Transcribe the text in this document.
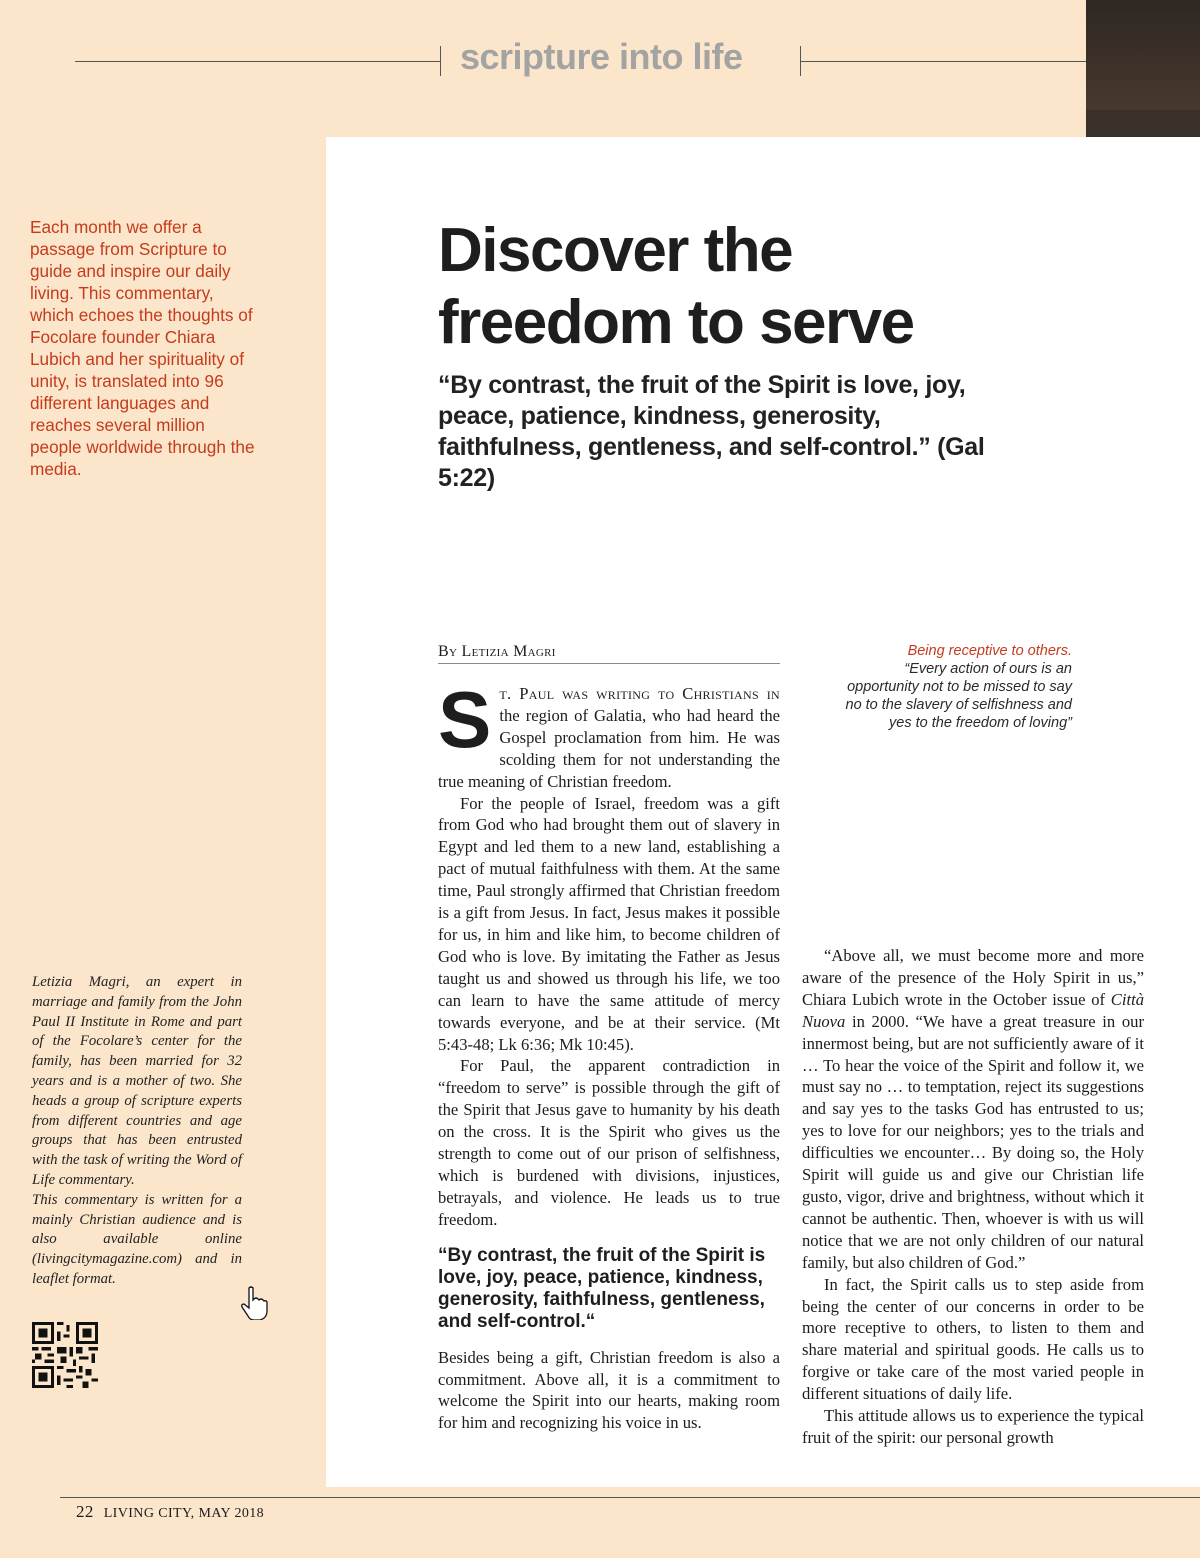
scripture into life
Each month we offer a passage from Scripture to guide and inspire our daily living. This commentary, which echoes the thoughts of Focolare founder Chiara Lubich and her spirituality of unity, is translated into 96 different languages and reaches several million people worldwide through the media.
Discover the
freedom to serve
“By contrast, the fruit of the Spirit is love, joy, peace, patience, kindness, generosity, faithfulness, gentleness, and self-control.” (Gal 5:22)
By Letizia Magri	Being receptive to others.
“Every action of ours is an opportunity not to be missed to say no to the slavery of selfishness and yes to the freedom of loving”

St. Paul was writing to Christians in the region of Galatia, who had heard the Gospel proclamation from him. He was scolding them for not understanding the true meaning of Christian freedom.

For the people of Israel, freedom was a gift from God who had brought them out of slavery in Egypt and led them to a new land, establishing a pact of mutual faithfulness with them. At the same time, Paul strongly affirmed that Christian freedom is a gift from Jesus. In fact, Jesus makes it possible for us, in him and like him, to become children of God who is love. By imitating the Father as Jesus taught us and showed us through his life, we too can learn to have the same attitude of mercy towards everyone, and be at their service. (Mt 5:43-48; Lk 6:36; Mk 10:45).

For Paul, the apparent contradiction in “freedom to serve” is possible through the gift of the Spirit that Jesus gave to humanity by his death on the cross. It is the Spirit who gives us the strength to come out of our prison of selfishness, which is burdened with divisions, injustices, betrayals, and violence. He leads us to true freedom.

“By contrast, the fruit of the Spirit is love, joy, peace, patience, kindness, generosity, faithfulness, gentleness, and self-control.“

Besides being a gift, Christian freedom is also a commitment. Above all, it is a commitment to welcome the Spirit into our hearts, making room for him and recognizing his voice in us.

“Above all, we must become more and more aware of the presence of the Holy Spirit in us,” Chiara Lubich wrote in the October issue of Città Nuova in 2000. “We have a great treasure in our innermost being, but are not sufficiently aware of it … To hear the voice of the Spirit and follow it, we must say no … to temptation, reject its suggestions and say yes to the tasks God has entrusted to us; yes to love for our neighbors; yes to the trials and difficulties we encounter… By doing so, the Holy Spirit will guide us and give our Christian life gusto, vigor, drive and brightness, without which it cannot be authentic. Then, whoever is with us will notice that we are not only children of our natural family, but also children of God.”

In fact, the Spirit calls us to step aside from being the center of our concerns in order to be more receptive to others, to listen to them and share material and spiritual goods. He calls us to forgive or take care of the most varied people in different situations of daily life.

This attitude allows us to experience the typical fruit of the spirit: our personal growth

Letizia Magri, an expert in marriage and family from the John Paul II Institute in Rome and part of the Focolare’s center for the family, has been married for 32 years and is a mother of two. She heads a group of scripture experts from different countries and age groups that has been entrusted with the task of writing the Word of Life commentary.

This commentary is written for a mainly Christian audience and is also available online (livingcitymagazine.com) and in leaflet format.

22 LIVING CITY, MAY 2018
